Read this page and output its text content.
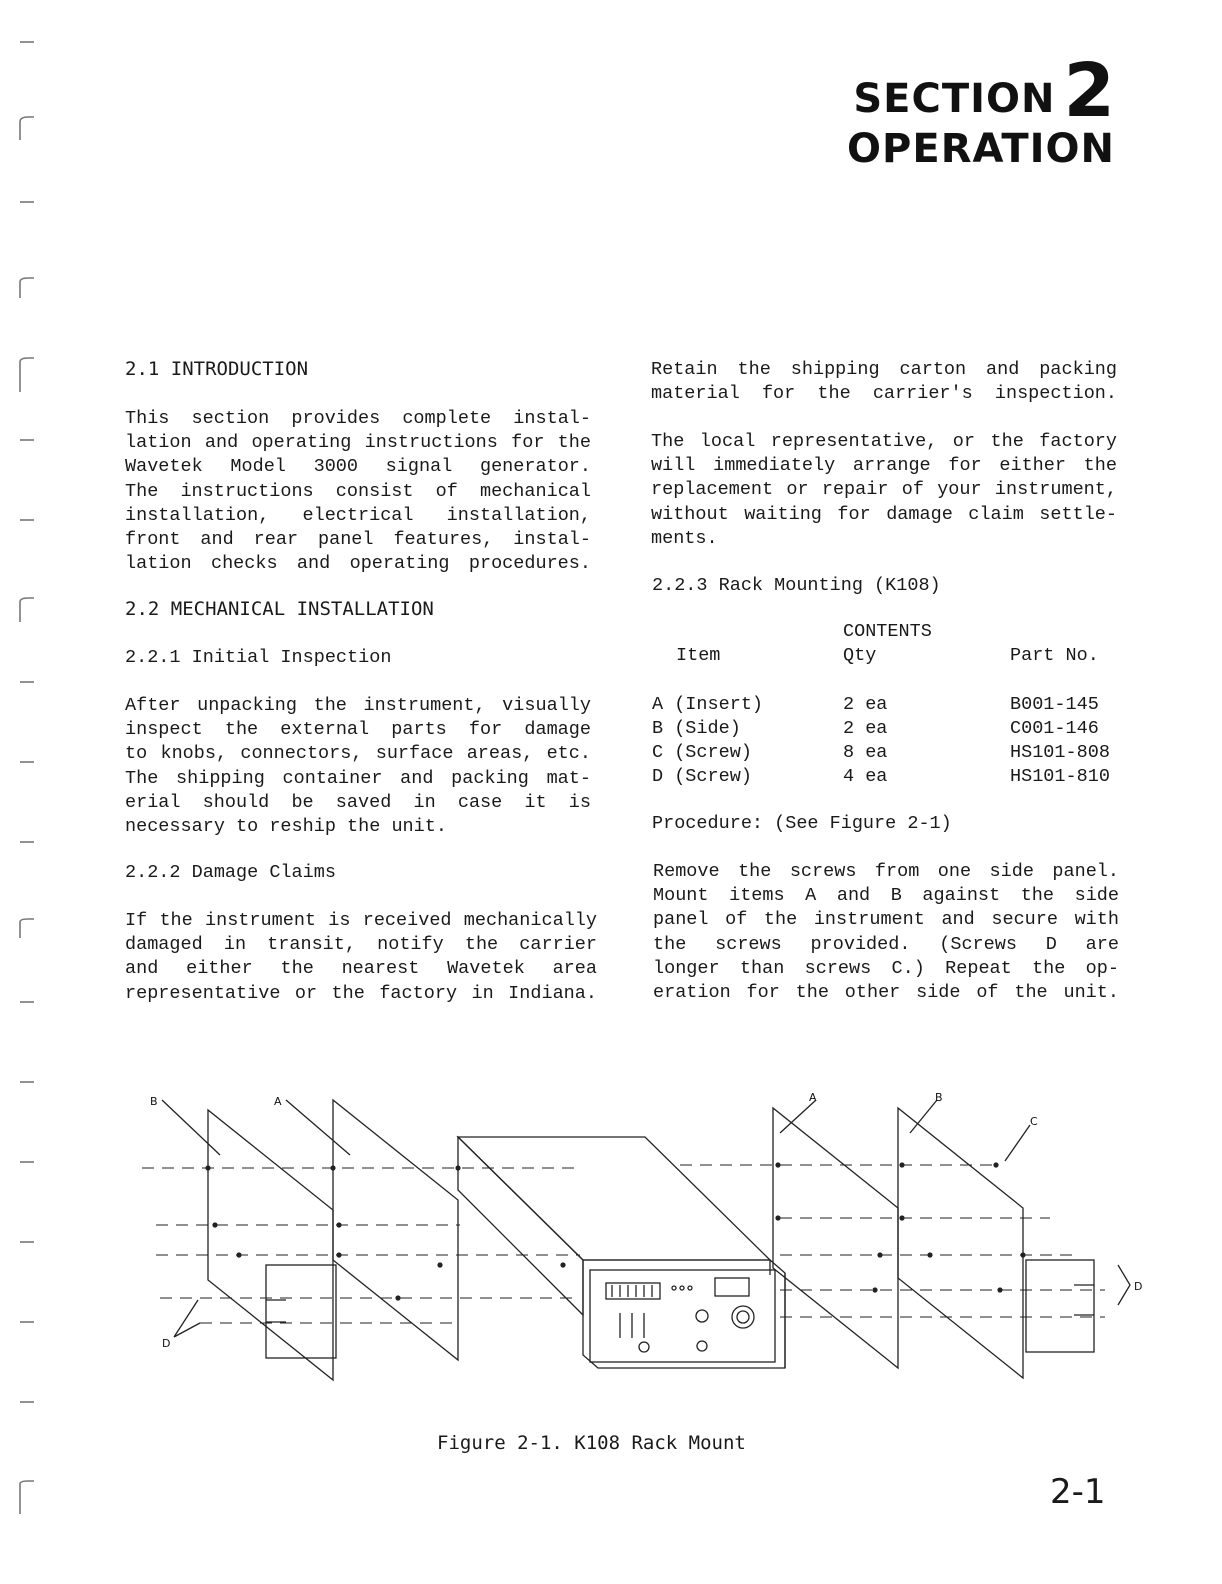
SECTION 2
OPERATION
2.1 INTRODUCTION
This section provides complete instal-
lation and operating instructions for the
Wavetek Model 3000 signal generator.
The instructions consist of mechanical
installation, electrical installation,
front and rear panel features, instal-
lation checks and operating procedures.
2.2 MECHANICAL INSTALLATION
2.2.1 Initial Inspection
After unpacking the instrument, visually
inspect the external parts for damage
to knobs, connectors, surface areas, etc.
The shipping container and packing mat-
erial should be saved in case it is
necessary to reship the unit.
2.2.2 Damage Claims
If the instrument is received mechanically
damaged in transit, notify the carrier
and either the nearest Wavetek area
representative or the factory in Indiana.
Retain the shipping carton and packing
material for the carrier's inspection.
The local representative, or the factory
will immediately arrange for either the
replacement or repair of your instrument,
without waiting for damage claim settle-
ments.
2.2.3 Rack Mounting (K108)
CONTENTS
Item	Qty	Part No.
A (Insert)	2 ea	B001-145
B (Side)	2 ea	C001-146
C (Screw)	8 ea	HS101-808
D (Screw)	4 ea	HS101-810
Procedure: (See Figure 2-1)
Remove the screws from one side panel.
Mount items A and B against the side
panel of the instrument and secure with
the screws provided. (Screws D are
longer than screws C.) Repeat the op-
eration for the other side of the unit.
B	A	A	B
C
D
D
Figure 2-1. K108 Rack Mount
2-1
